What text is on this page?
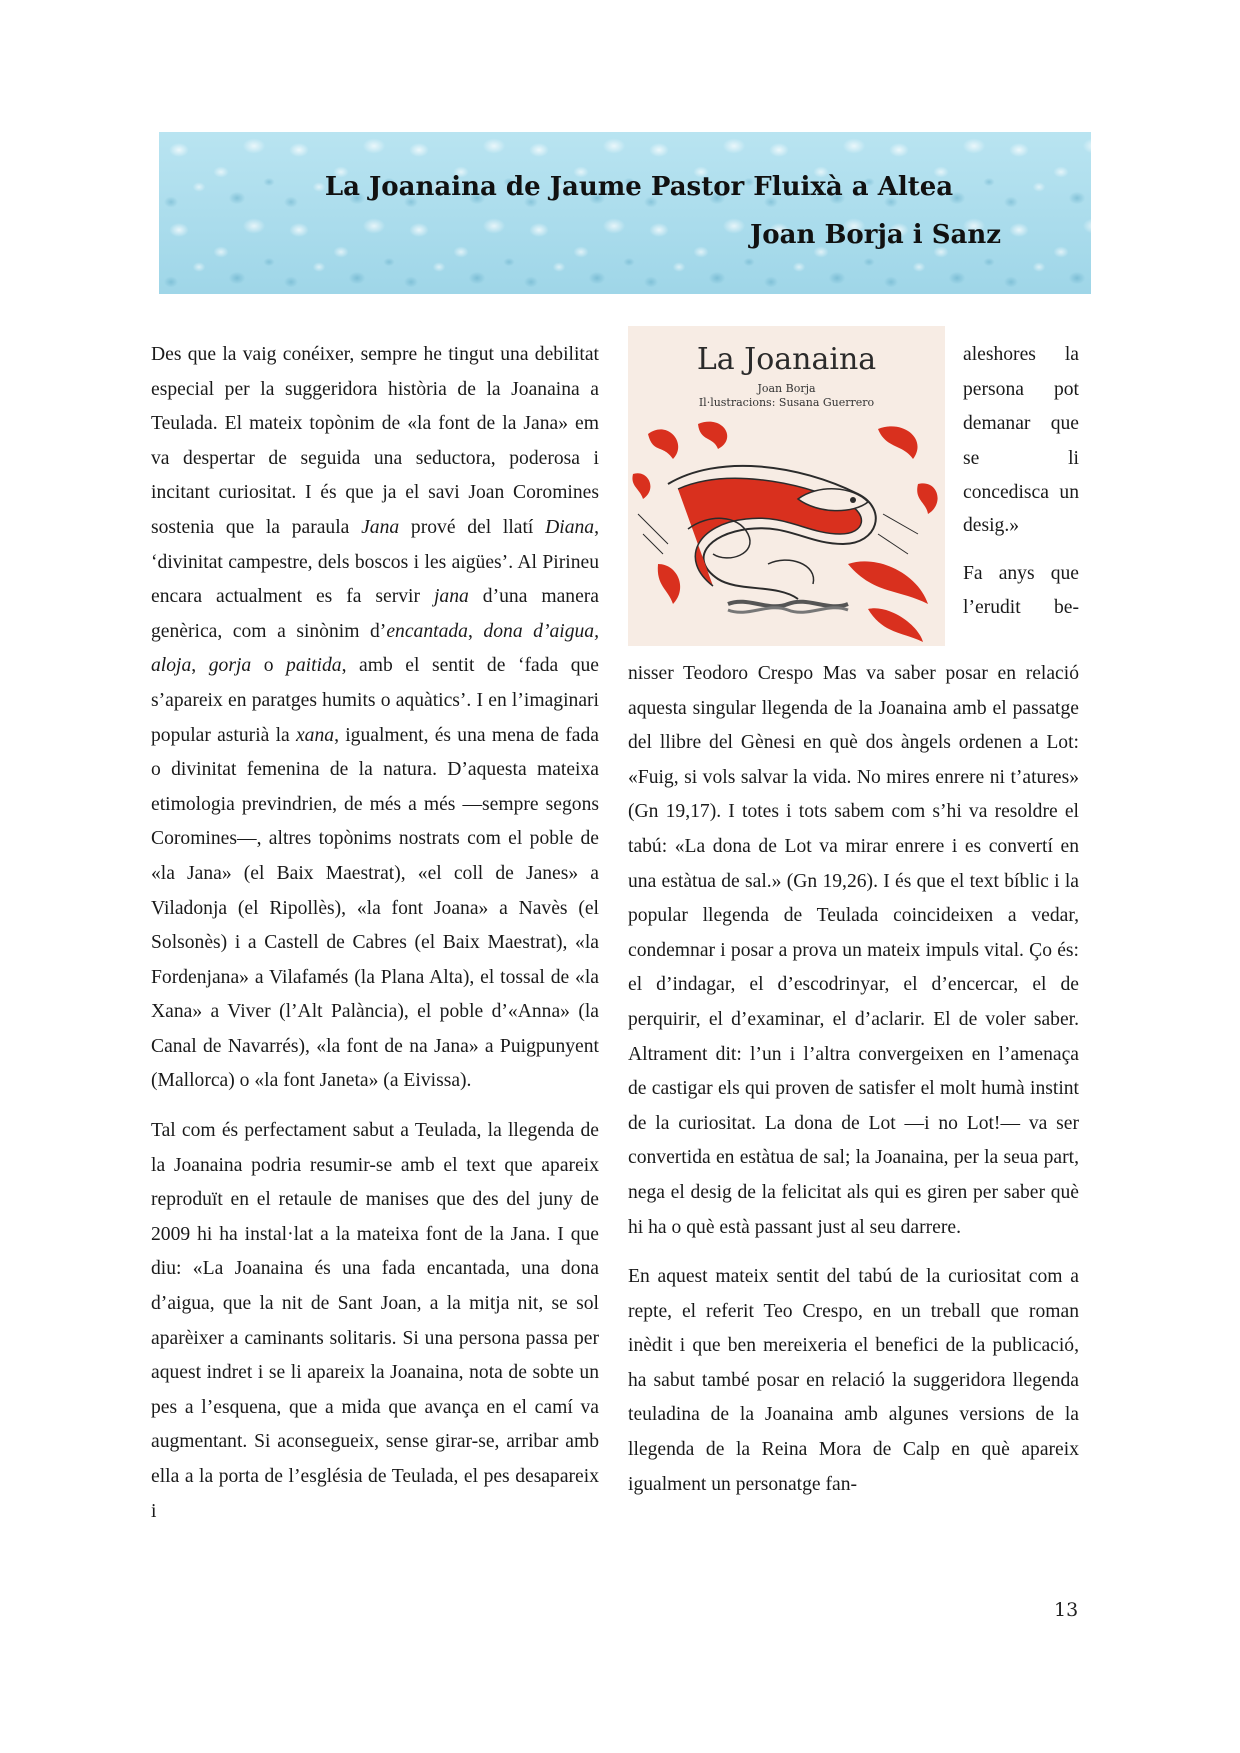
La Joanaina de Jaume Pastor Fluixà a Altea
Joan Borja i Sanz

Des que la vaig conéixer, sempre he tingut una debilitat especial per la suggeridora història de la Joanaina a Teulada. El mateix topònim de «la font de la Jana» em va despertar de seguida una seductora, poderosa i incitant curiositat. I és que ja el savi Joan Coromines sostenia que la paraula Jana prové del llatí Diana, ‘divinitat campestre, dels boscos i les aigües’. Al Pirineu encara actualment es fa servir jana d’una manera genèrica, com a sinònim d’encantada, dona d’aigua, aloja, gorja o paitida, amb el sentit de ‘fada que s’apareix en paratges humits o aquàtics’. I en l’imaginari popular asturià la xana, igualment, és una mena de fada o divinitat femenina de la natura. D’aquesta mateixa etimologia previndrien, de més a més —sempre segons Coromines—, altres topònims nostrats com el poble de «la Jana» (el Baix Maestrat), «el coll de Janes» a Viladonja (el Ripollès), «la font Joana» a Navès (el Solsonès) i a Castell de Cabres (el Baix Maestrat), «la Fordenjana» a Vilafamés (la Plana Alta), el tossal de «la Xana» a Viver (l’Alt Palància), el poble d’«Anna» (la Canal de Navarrés), «la font de na Jana» a Puigpunyent (Mallorca) o «la font Janeta» (a Eivissa).

Tal com és perfectament sabut a Teulada, la llegenda de la Joanaina podria resumir-se amb el text que apareix reproduït en el retaule de manises que des del juny de 2009 hi ha instal·lat a la mateixa font de la Jana. I que diu: «La Joanaina és una fada encantada, una dona d’aigua, que la nit de Sant Joan, a la mitja nit, se sol aparèixer a caminants solitaris. Si una persona passa per aquest indret i se li apareix la Joanaina, nota de sobte un pes a l’esquena, que a mida que avança en el camí va augmentant. Si aconsegueix, sense girar-se, arribar amb ella a la porta de l’església de Teulada, el pes desapareix i

La Joanaina

Joan Borja

Il·lustracions: Susana Guerrero

aleshores la persona pot demanar que se li concedisca un

desig.»

Fa anys que l’erudit be-

nisser Teodoro Crespo Mas va saber posar en relació aquesta singular llegenda de la Joanaina amb el passatge del llibre del Gènesi en què dos àngels ordenen a Lot: «Fuig, si vols salvar la vida. No mires enrere ni t’atures» (Gn 19,17). I totes i tots sabem com s’hi va resoldre el tabú: «La dona de Lot va mirar enrere i es convertí en una estàtua de sal.» (Gn 19,26). I és que el text bíblic i la popular llegenda de Teulada coincideixen a vedar, condemnar i posar a prova un mateix impuls vital. Ço és: el d’indagar, el d’escodrinyar, el d’encercar, el de perquirir, el d’examinar, el d’aclarir. El de voler saber. Altrament dit: l’un i l’altra convergeixen en l’amenaça de castigar els qui proven de satisfer el molt humà instint de la curiositat. La dona de Lot —i no Lot!— va ser convertida en estàtua de sal; la Joanaina, per la seua part, nega el desig de la felicitat als qui es giren per saber què hi ha o què està passant just al seu darrere.

En aquest mateix sentit del tabú de la curiositat com a repte, el referit Teo Crespo, en un treball que roman inèdit i que ben mereixeria el benefici de la publicació, ha sabut també posar en relació la suggeridora llegenda teuladina de la Joanaina amb algunes versions de la llegenda de la Reina Mora de Calp en què apareix igualment un personatge fan-

13
